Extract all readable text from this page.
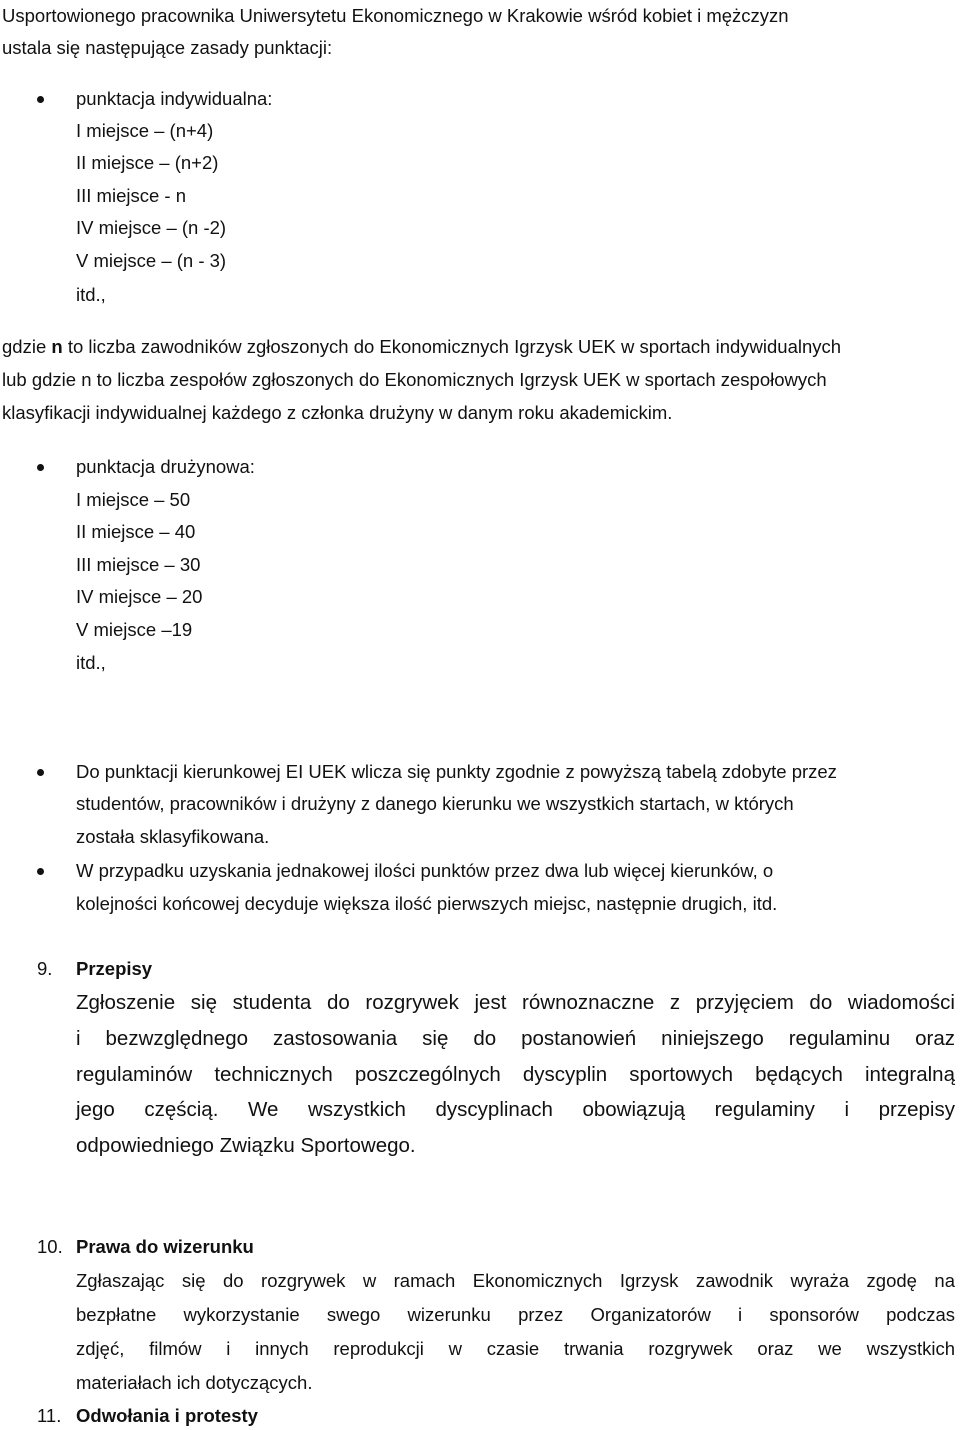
Usportowionego pracownika Uniwersytetu Ekonomicznego w Krakowie wśród kobiet i mężczyzn
ustala się następujące zasady punktacji:
punktacja indywidualna:
I miejsce – (n+4)
II miejsce – (n+2)
III miejsce - n
IV miejsce – (n -2)
V miejsce – (n - 3)
itd.,
gdzie n to liczba zawodników zgłoszonych do Ekonomicznych Igrzysk UEK w sportach indywidualnych
lub gdzie n to liczba zespołów zgłoszonych do Ekonomicznych Igrzysk UEK w sportach zespołowych
klasyfikacji indywidualnej każdego z członka drużyny w danym roku akademickim.
punktacja drużynowa:
I miejsce – 50
II miejsce – 40
III miejsce – 30
IV miejsce – 20
V miejsce –19
itd.,
Do punktacji kierunkowej EI UEK wlicza się punkty zgodnie z powyższą tabelą zdobyte przez
studentów, pracowników i drużyny z danego kierunku we wszystkich startach, w których
została sklasyfikowana.
W przypadku uzyskania jednakowej ilości punktów przez dwa lub więcej kierunków, o
kolejności końcowej decyduje większa ilość pierwszych miejsc, następnie drugich, itd.
9. Przepisy
Zgłoszenie się studenta do rozgrywek jest równoznaczne z przyjęciem do wiadomości
i bezwzględnego zastosowania się do postanowień niniejszego regulaminu oraz
regulaminów technicznych poszczególnych dyscyplin sportowych będących integralną
jego częścią. We wszystkich dyscyplinach obowiązują regulaminy i przepisy
odpowiedniego Związku Sportowego.
10. Prawa do wizerunku
Zgłaszając się do rozgrywek w ramach Ekonomicznych Igrzysk zawodnik wyraża zgodę na
bezpłatne wykorzystanie swego wizerunku przez Organizatorów i sponsorów podczas
zdjęć, filmów i innych reprodukcji w czasie trwania rozgrywek oraz we wszystkich
materiałach ich dotyczących.
11. Odwołania i protesty
